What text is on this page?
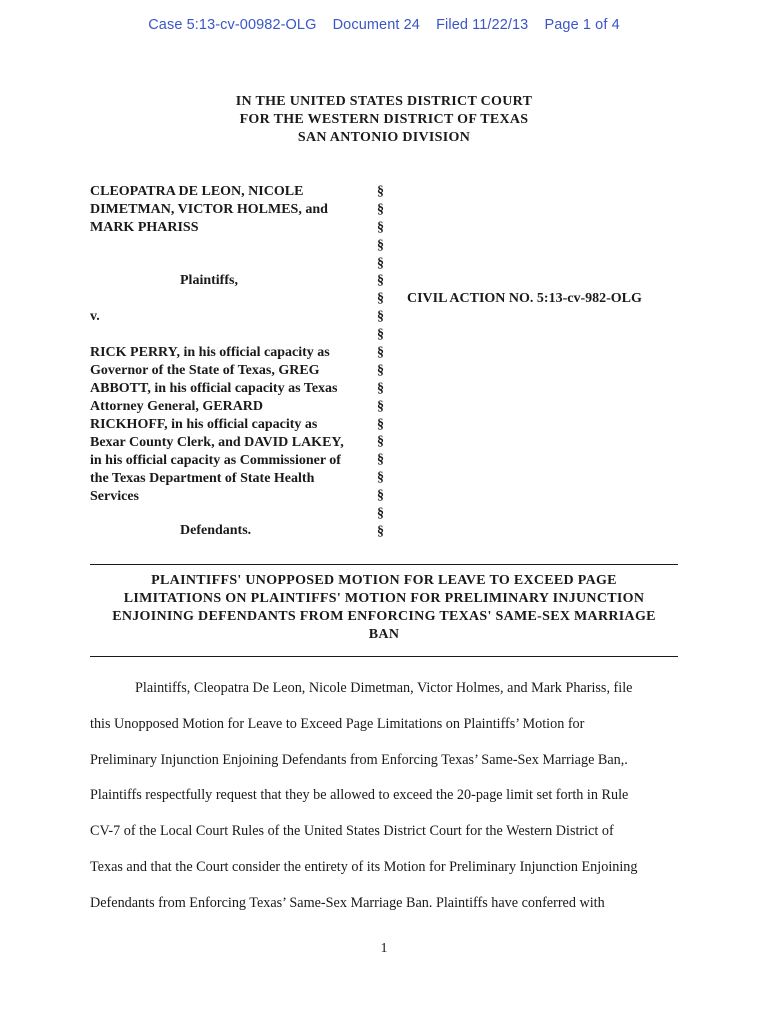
Case 5:13-cv-00982-OLG Document 24 Filed 11/22/13 Page 1 of 4
IN THE UNITED STATES DISTRICT COURT
FOR THE WESTERN DISTRICT OF TEXAS
SAN ANTONIO DIVISION
CLEOPATRA DE LEON, NICOLE
DIMETMAN, VICTOR HOLMES, and
MARK PHARISS
Plaintiffs,
v.
RICK PERRY, in his official capacity as
Governor of the State of Texas, GREG
ABBOTT, in his official capacity as Texas
Attorney General, GERARD
RICKHOFF, in his official capacity as
Bexar County Clerk, and DAVID LAKEY,
in his official capacity as Commissioner of
the Texas Department of State Health
Services
Defendants.
§
§
§
§
§
§
§
§
§
§
§
§
§
§
§
§
§
§
§
§
CIVIL ACTION NO. 5:13-cv-982-OLG
PLAINTIFFS' UNOPPOSED MOTION FOR LEAVE TO EXCEED PAGE
LIMITATIONS ON PLAINTIFFS' MOTION FOR PRELIMINARY INJUNCTION
ENJOINING DEFENDANTS FROM ENFORCING TEXAS' SAME-SEX MARRIAGE
BAN
Plaintiffs, Cleopatra De Leon, Nicole Dimetman, Victor Holmes, and Mark Phariss, file
this Unopposed Motion for Leave to Exceed Page Limitations on Plaintiffs’ Motion for
Preliminary Injunction Enjoining Defendants from Enforcing Texas’ Same-Sex Marriage Ban,.
Plaintiffs respectfully request that they be allowed to exceed the 20-page limit set forth in Rule
CV-7 of the Local Court Rules of the United States District Court for the Western District of
Texas and that the Court consider the entirety of its Motion for Preliminary Injunction Enjoining
Defendants from Enforcing Texas’ Same-Sex Marriage Ban. Plaintiffs have conferred with
1
